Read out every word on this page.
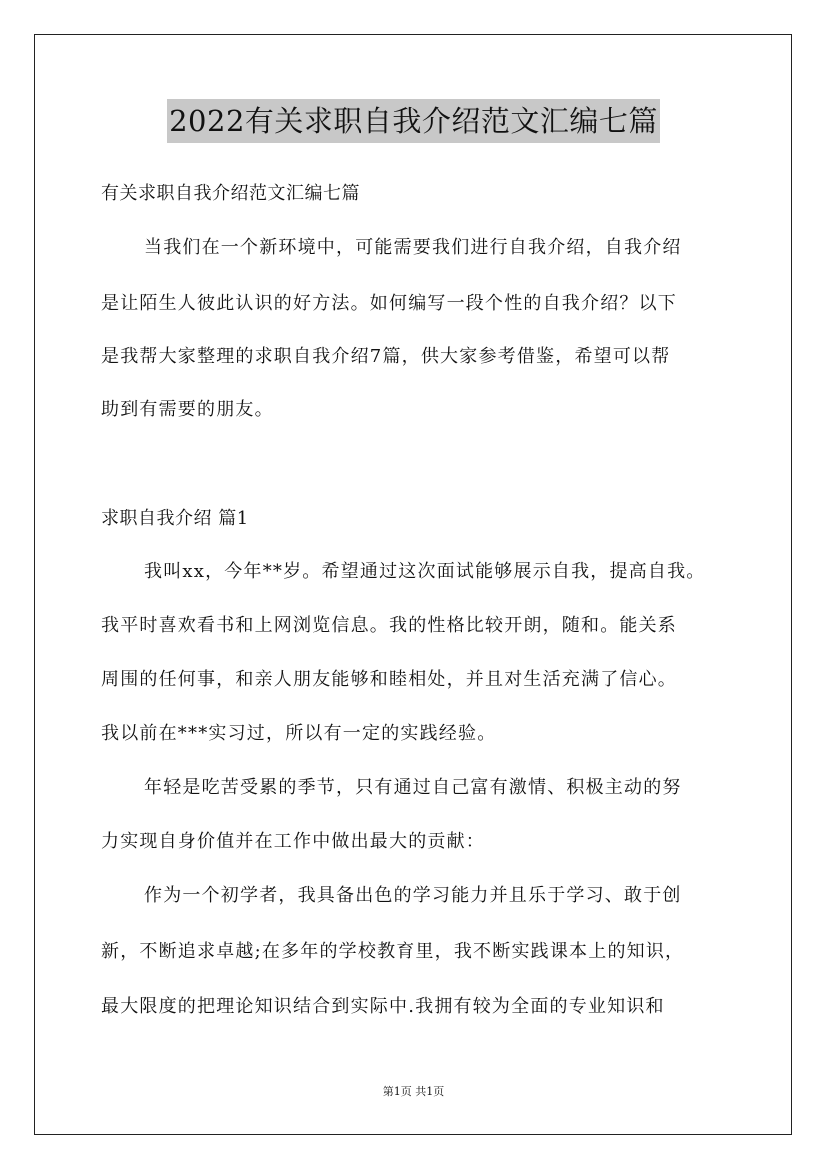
2022有关求职自我介绍范文汇编七篇
有关求职自我介绍范文汇编七篇
当我们在一个新环境中，可能需要我们进行自我介绍，自我介绍
是让陌生人彼此认识的好方法。如何编写一段个性的自我介绍？以下
是我帮大家整理的求职自我介绍7篇，供大家参考借鉴，希望可以帮
助到有需要的朋友。
求职自我介绍 篇1
我叫xx，今年**岁。希望通过这次面试能够展示自我，提高自我。
我平时喜欢看书和上网浏览信息。我的性格比较开朗，随和。能关系
周围的任何事，和亲人朋友能够和睦相处，并且对生活充满了信心。
我以前在***实习过，所以有一定的实践经验。
年轻是吃苦受累的季节，只有通过自己富有激情、积极主动的努
力实现自身价值并在工作中做出最大的贡献：
作为一个初学者，我具备出色的学习能力并且乐于学习、敢于创
新，不断追求卓越;在多年的学校教育里，我不断实践课本上的知识，
最大限度的把理论知识结合到实际中.我拥有较为全面的专业知识和
第1页 共1页
